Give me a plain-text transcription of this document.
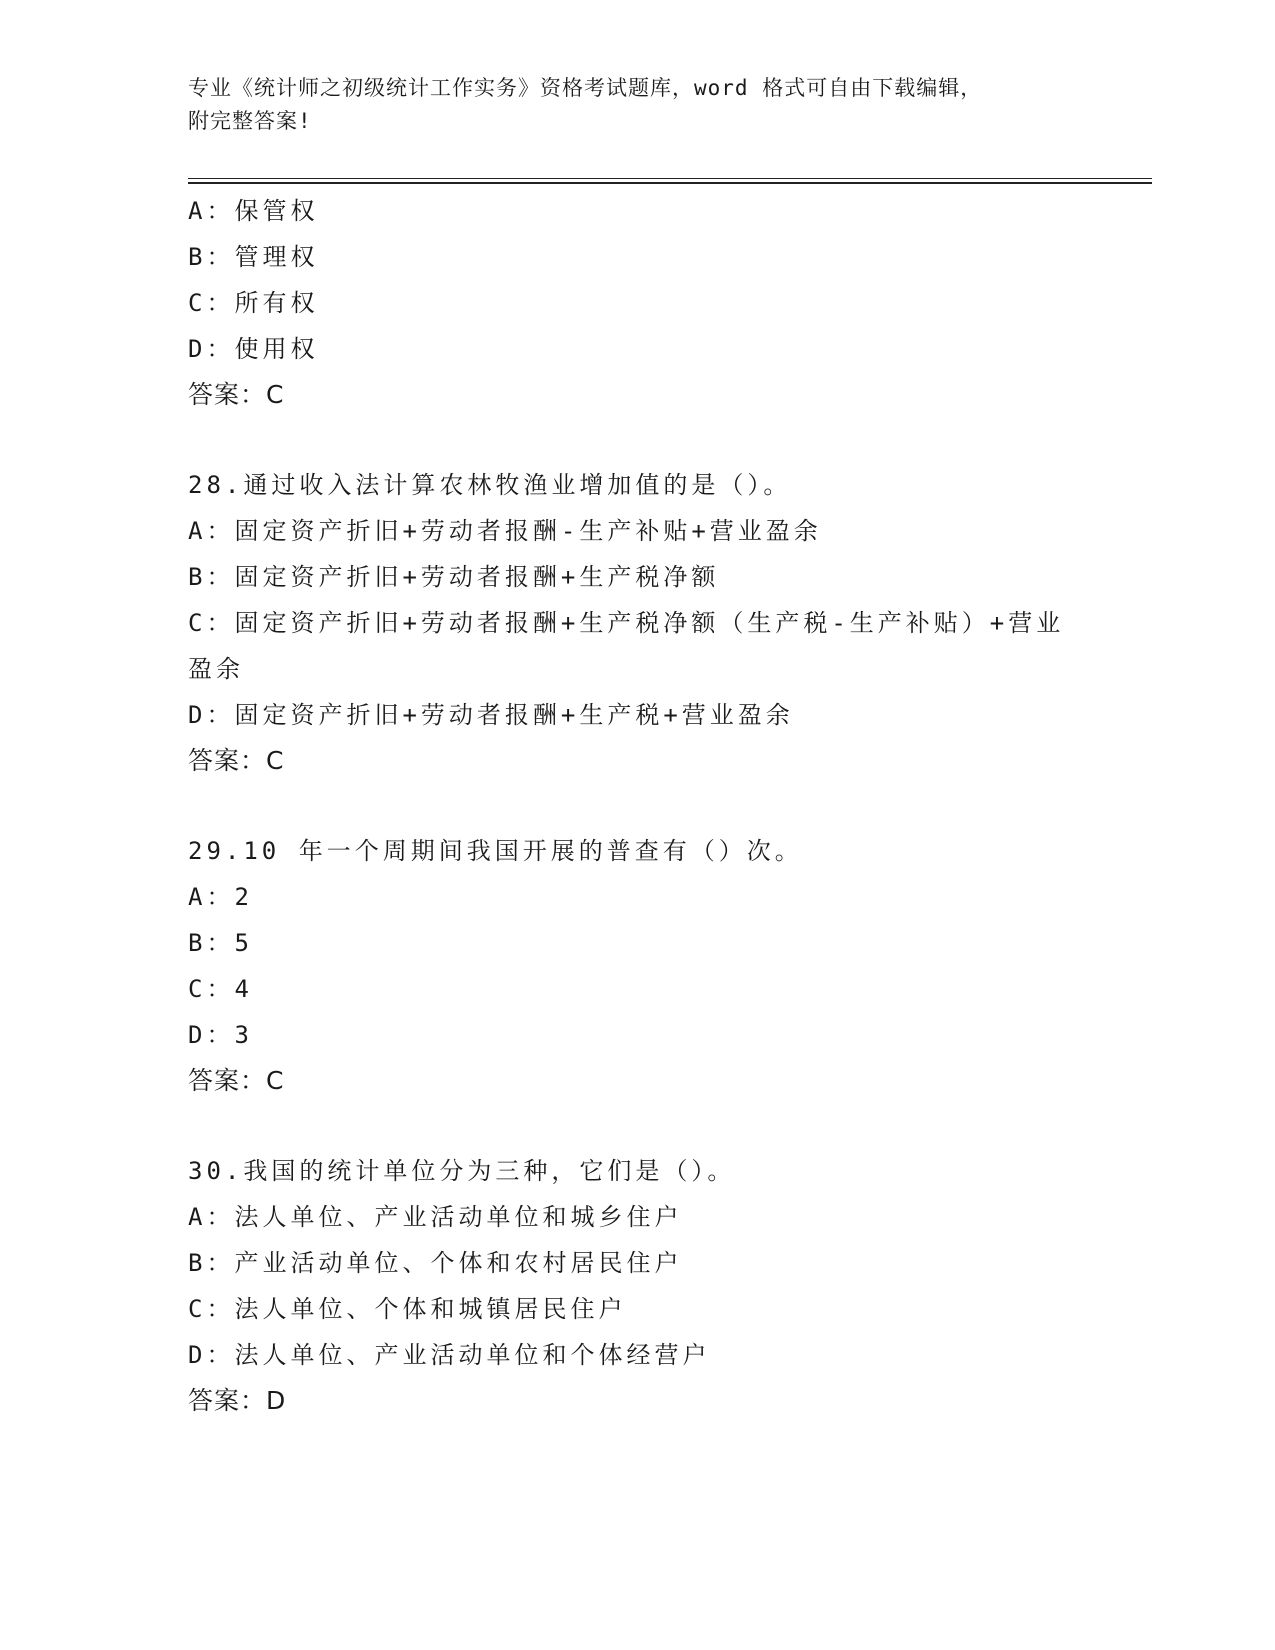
专业《统计师之初级统计工作实务》资格考试题库，word 格式可自由下载编辑，
附完整答案!
A：保管权
B：管理权
C：所有权
D：使用权
答案：C
28.通过收入法计算农林牧渔业增加值的是（）。
A：固定资产折旧+劳动者报酬-生产补贴+营业盈余
B：固定资产折旧+劳动者报酬+生产税净额
C：固定资产折旧+劳动者报酬+生产税净额（生产税-生产补贴）+营业
盈余
D：固定资产折旧+劳动者报酬+生产税+营业盈余
答案：C
29.10 年一个周期间我国开展的普查有（）次。
A：2
B：5
C：4
D：3
答案：C
30.我国的统计单位分为三种，它们是（）。
A：法人单位、产业活动单位和城乡住户
B：产业活动单位、个体和农村居民住户
C：法人单位、个体和城镇居民住户
D：法人单位、产业活动单位和个体经营户
答案：D
